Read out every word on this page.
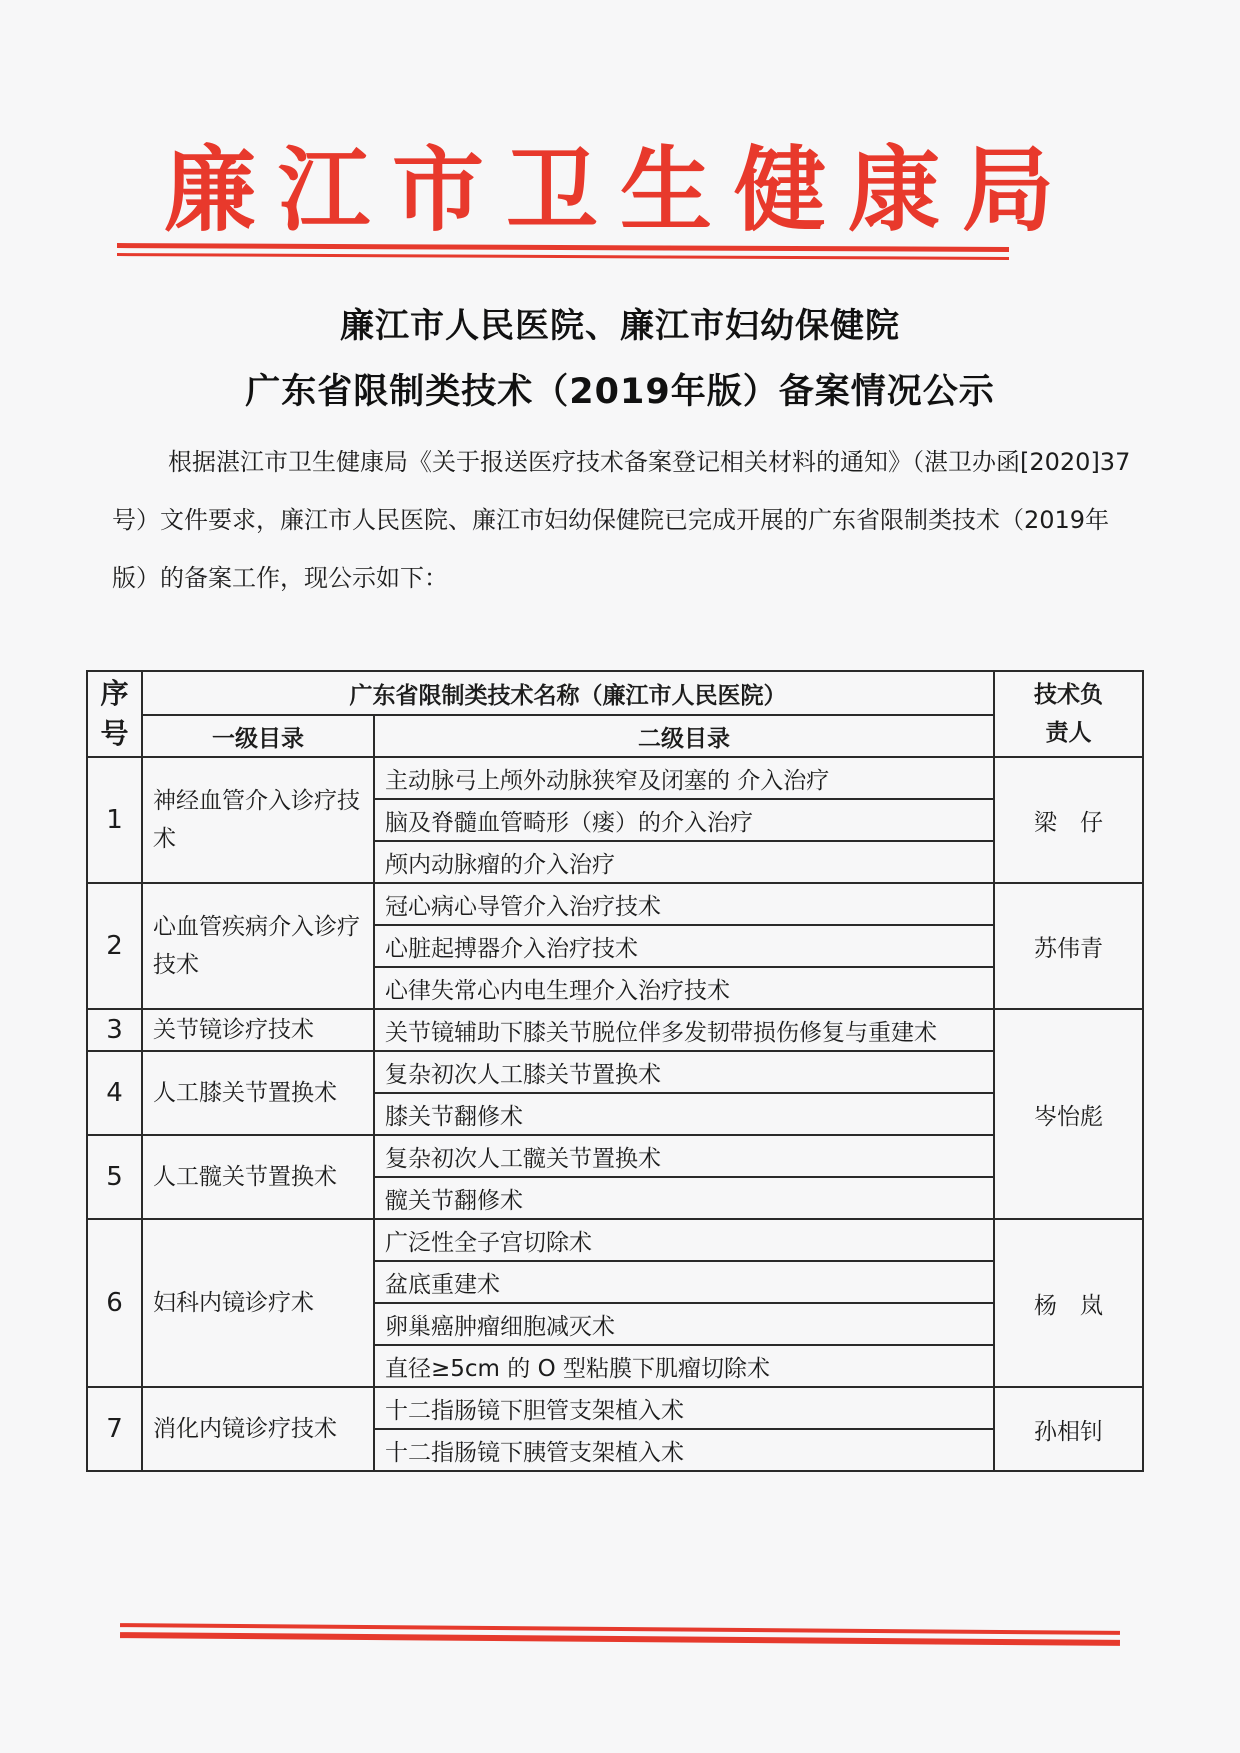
廉江市卫生健康局
廉江市人民医院、廉江市妇幼保健院
广东省限制类技术（2019年版）备案情况公示
根据湛江市卫生健康局《关于报送医疗技术备案登记相关材料的通知》（湛卫办函[2020]37
号）文件要求，廉江市人民医院、廉江市妇幼保健院已完成开展的广东省限制类技术（2019年
版）的备案工作，现公示如下：
序号	广东省限制类技术名称（廉江市人民医院）		技术负责人

	一级目录	二级目录	
1	神经血管介入诊疗技术	主动脉弓上颅外动脉狭窄及闭塞的 介入治疗	梁　仔
		脑及脊髓血管畸形（瘘）的介入治疗	
		颅内动脉瘤的介入治疗	
2	心血管疾病介入诊疗技术	冠心病心导管介入治疗技术	苏伟青
		心脏起搏器介入治疗技术	
		心律失常心内电生理介入治疗技术	
3	关节镜诊疗技术	关节镜辅助下膝关节脱位伴多发韧带损伤修复与重建术	岑怡彪
4	人工膝关节置换术	复杂初次人工膝关节置换术	
		膝关节翻修术	
5	人工髋关节置换术	复杂初次人工髋关节置换术	
		髋关节翻修术	
6	妇科内镜诊疗术	广泛性全子宫切除术	杨　岚
		盆底重建术	
		卵巢癌肿瘤细胞减灭术	
		直径≥5cm 的 O 型粘膜下肌瘤切除术	
7	消化内镜诊疗技术	十二指肠镜下胆管支架植入术	孙相钊
		十二指肠镜下胰管支架植入术	
